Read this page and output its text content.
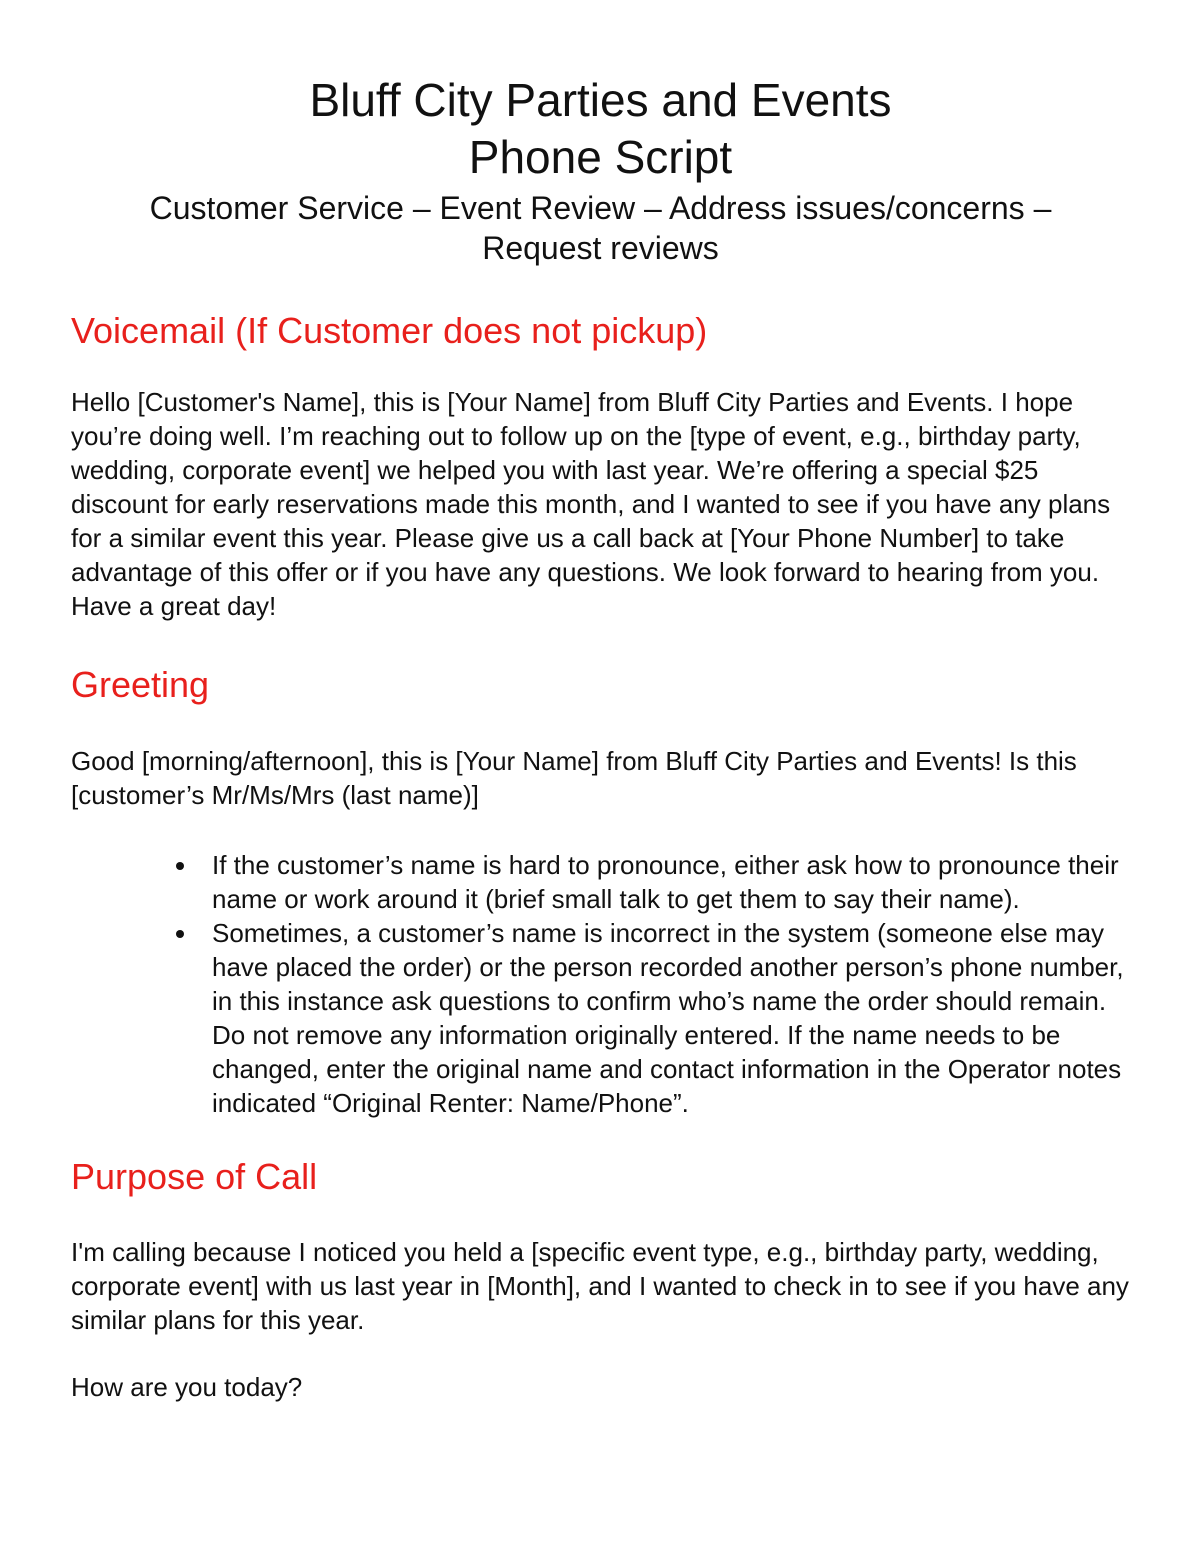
Bluff City Parties and Events
Phone Script

Customer Service – Event Review – Address issues/concerns –
Request reviews

Voicemail (If Customer does not pickup)

Hello [Customer's Name], this is [Your Name] from Bluff City Parties and Events. I hope you’re doing well. I’m reaching out to follow up on the [type of event, e.g., birthday party, wedding, corporate event] we helped you with last year. We’re offering a special $25 discount for early reservations made this month, and I wanted to see if you have any plans for a similar event this year. Please give us a call back at [Your Phone Number] to take advantage of this offer or if you have any questions. We look forward to hearing from you. Have a great day!

Greeting

Good [morning/afternoon], this is [Your Name] from Bluff City Parties and Events! Is this [customer’s Mr/Ms/Mrs (last name)]

If the customer’s name is hard to pronounce, either ask how to pronounce their name or work around it (brief small talk to get them to say their name).
Sometimes, a customer’s name is incorrect in the system (someone else may have placed the order) or the person recorded another person’s phone number, in this instance ask questions to confirm who’s name the order should remain. Do not remove any information originally entered. If the name needs to be changed, enter the original name and contact information in the Operator notes indicated “Original Renter: Name/Phone”.
Purpose of Call

I'm calling because I noticed you held a [specific event type, e.g., birthday party, wedding, corporate event] with us last year in [Month], and I wanted to check in to see if you have any similar plans for this year.

How are you today?
